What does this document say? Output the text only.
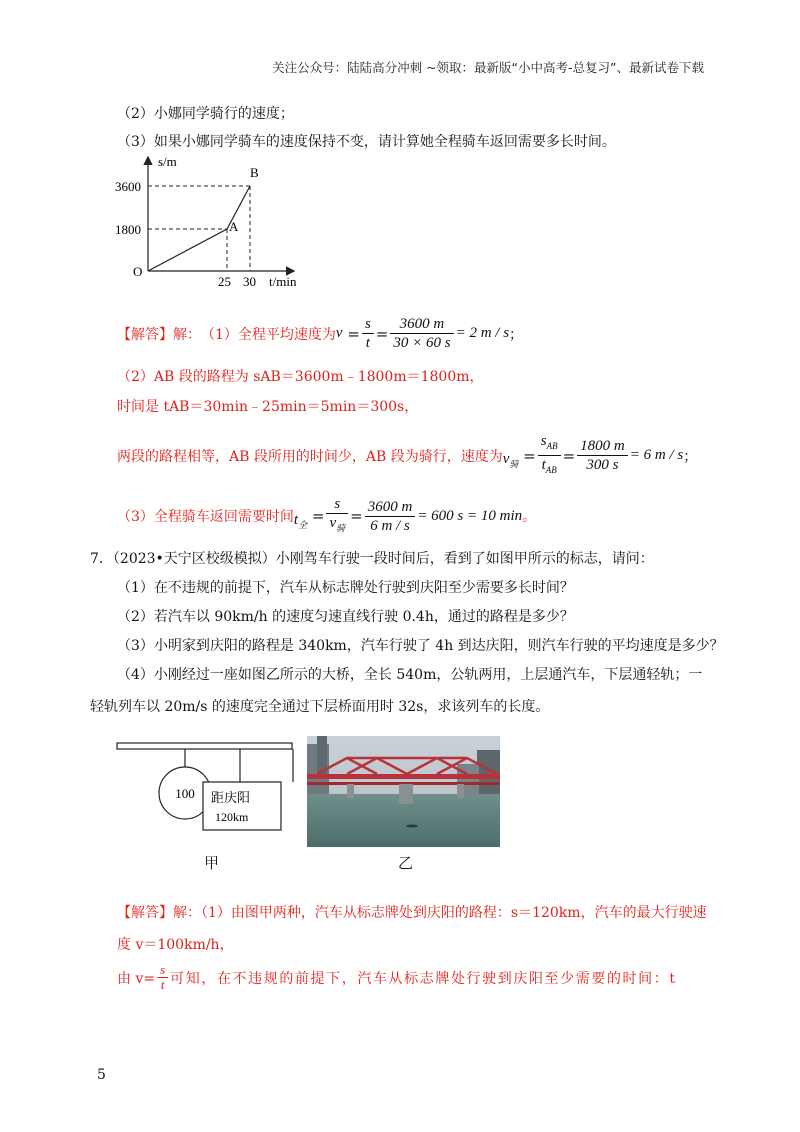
关注公众号：陆陆高分冲刺 ~领取：最新版“小中高考-总复习”、最新试卷下载
（2）小娜同学骑行的速度；
（3）如果小娜同学骑车的速度保持不变，请计算她全程骑车返回需要多长时间。
s/m
t/min
O
1800
3600
25 30
A
B
【解答】 解： （1）全程平均速度为 $v = \frac{s}{t} = \frac{3600 m}{30 \times 60 s} = 2$ m / s ；
（2）AB 段的路程为 sAB＝3600m﹣1800m＝1800m，
时间是 tAB＝30min﹣25min＝5min＝300s，
两段的路程相等，AB 段所用的时间少，AB 段为骑行，速度为 $v_骑 = \frac{s_{AB}}{t_{AB}} = \frac{1800 m}{300 s} = 6$ m / s ；
（3）全程骑车返回需要时间 $t_全 = \frac{s}{v_骑} = \frac{3600 m}{6 m / s} = 600$ s = 10 min 。
7．（2023•天宁区校级模拟）小刚驾车行驶一段时间后，看到了如图甲所示的标志，请问：
（1）在不违规的前提下，汽车从标志牌处行驶到庆阳至少需要多长时间？
（2）若汽车以 90km/h 的速度匀速直线行驶 0.4h，通过的路程是多少？
（3）小明家到庆阳的路程是 340km，汽车行驶了 4h 到达庆阳，则汽车行驶的平均速度是多少？
（4）小刚经过一座如图乙所示的大桥，全长 540m，公轨两用，上层通汽车，下层通轻轨；一
轻轨列车以 20m/s 的速度完全通过下层桥面用时 32s，求该列车的长度。
100 距庆阳
120km
甲	乙
【解答】解：（1）由图甲两种，汽车从标志牌处到庆阳的路程：s＝120km，汽车的最大行驶速
度 v＝100km/h，
由 $v= \frac{s}{t}$ 可知，在不违规的前提下，汽车从标志牌处行驶到庆阳至少需要的时间：t
5
